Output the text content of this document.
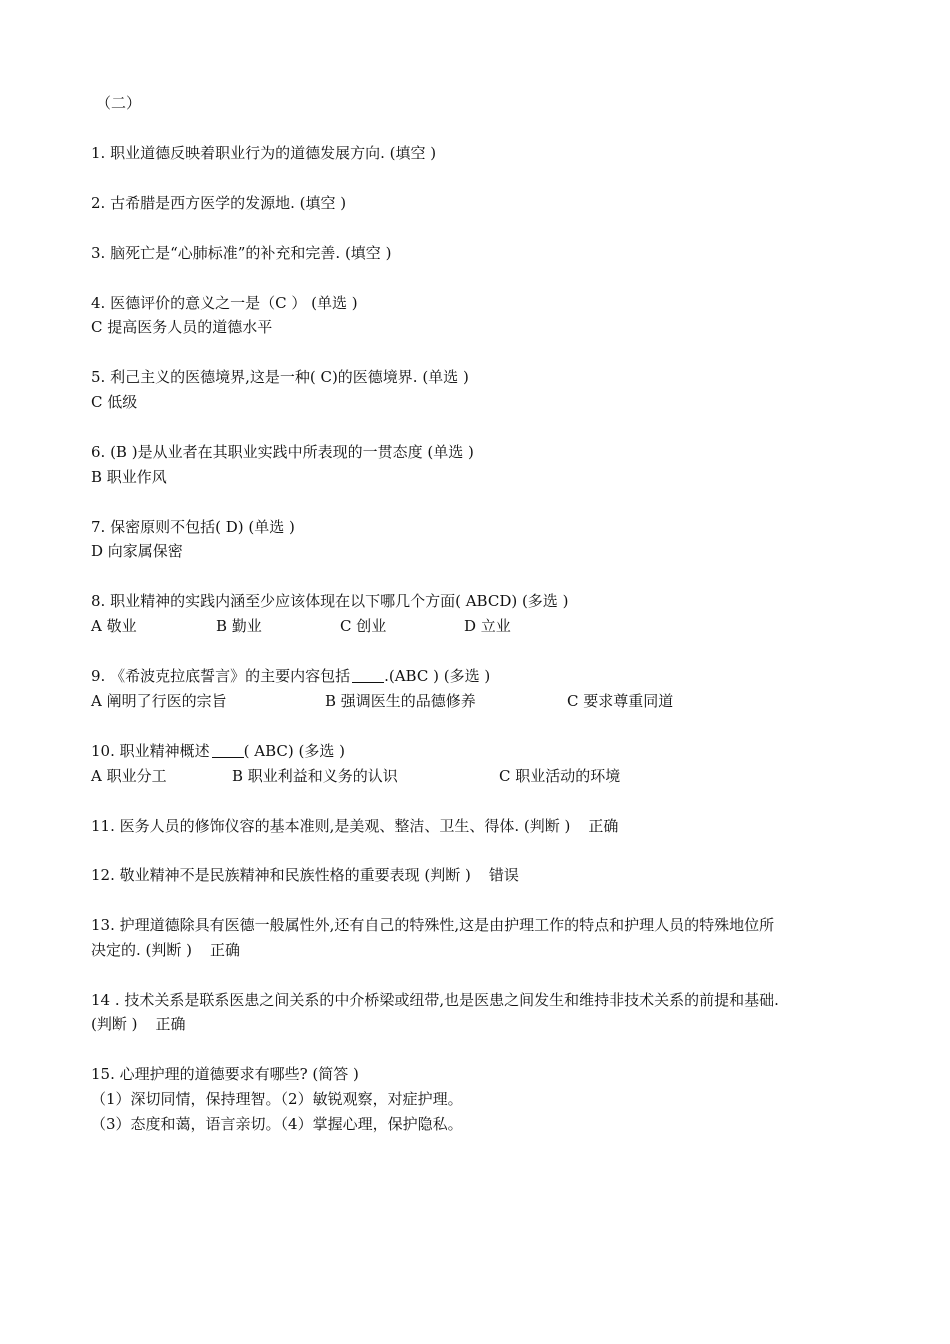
（二）
1. 职业道德反映着职业行为的道德发展方向. (填空 )
2. 古希腊是西方医学的发源地. (填空 )
3. 脑死亡是“心肺标准”的补充和完善. (填空 )
4. 医德评价的意义之一是（C ） (单选 )
C 提高医务人员的道德水平
5. 利己主义的医德境界,这是一种( C)的医德境界. (单选 )
C 低级
6. (B )是从业者在其职业实践中所表现的一贯态度 (单选 )
B 职业作风
7. 保密原则不包括( D) (单选 )
D 向家属保密
8. 职业精神的实践内涵至少应该体现在以下哪几个方面( ABCD) (多选 )
A 敬业	B 勤业	C 创业	D 立业
9. 《希波克拉底誓言》的主要内容包括 .(ABC ) (多选 )
A 阐明了行医的宗旨	B 强调医生的品德修养	C 要求尊重同道
10. 职业精神概述 ( ABC) (多选 )
A 职业分工	B 职业利益和义务的认识	C 职业活动的环境
11. 医务人员的修饰仪容的基本准则,是美观、整洁、卫生、得体. (判断 ) 正确
12. 敬业精神不是民族精神和民族性格的重要表现 (判断 ) 错误
13. 护理道德除具有医德一般属性外,还有自己的特殊性,这是由护理工作的特点和护理人员的特殊地位所
决定的. (判断 ) 正确
14 . 技术关系是联系医患之间关系的中介桥梁或纽带,也是医患之间发生和维持非技术关系的前提和基础.
(判断 ) 正确
15. 心理护理的道德要求有哪些? (简答 )
（1）深切同情，保持理智。（2）敏锐观察，对症护理。
（3）态度和蔼，语言亲切。（4）掌握心理，保护隐私。
